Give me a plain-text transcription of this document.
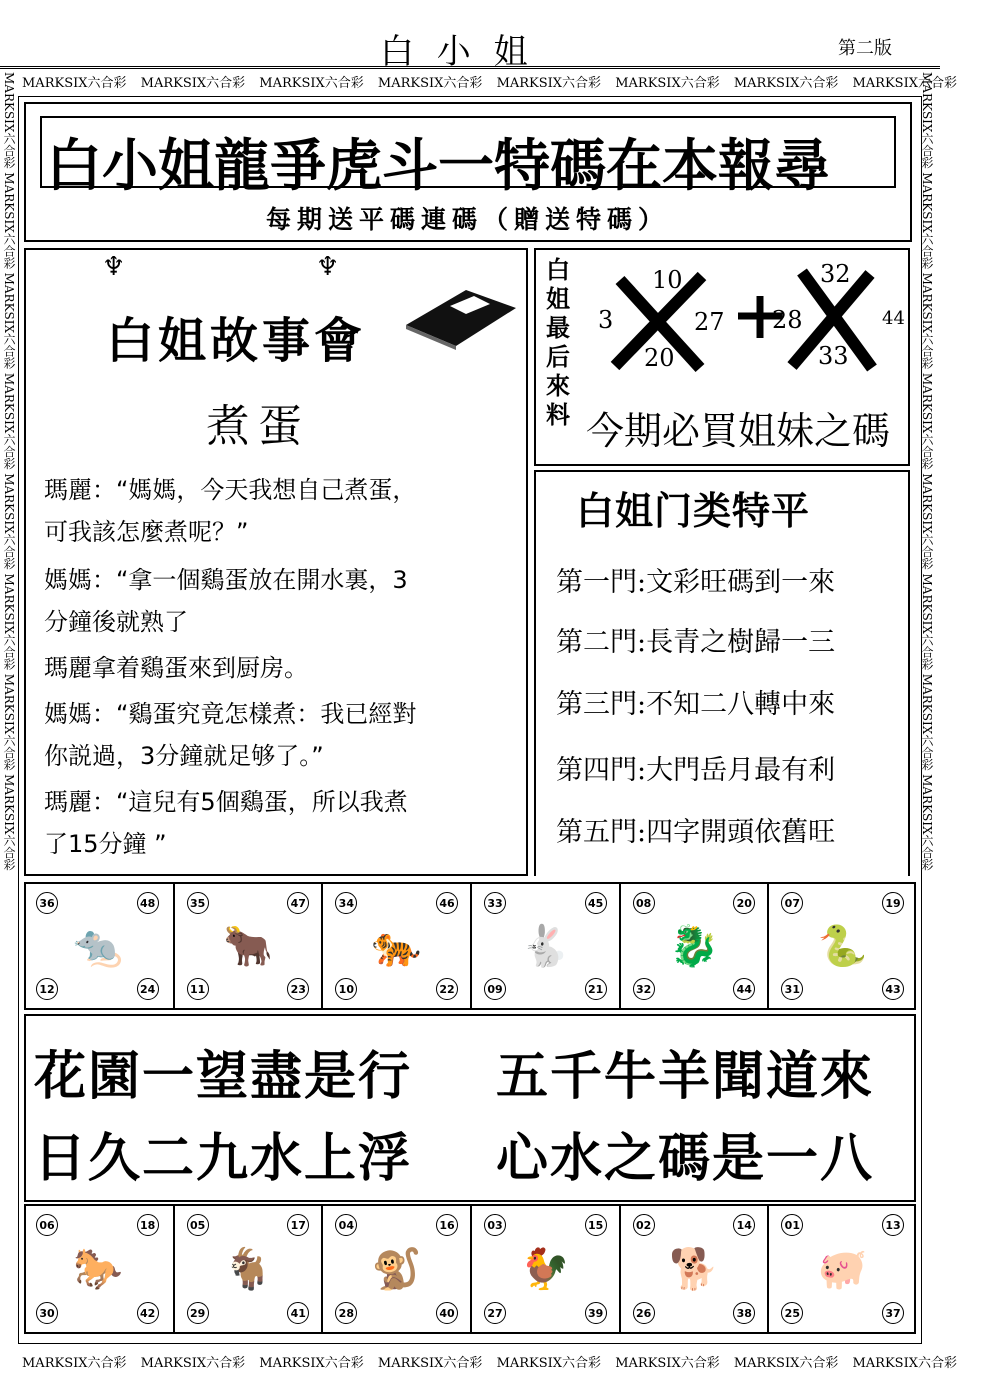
白 小 姐	第二版
MARKSIX六合彩 MARKSIX六合彩 MARKSIX六合彩 MARKSIX六合彩 MARKSIX六合彩 MARKSIX六合彩 MARKSIX六合彩 MARKSIX六合彩
MARKSIX六合彩 MARKSIX六合彩 MARKSIX六合彩 MARKSIX六合彩 MARKSIX六合彩 MARKSIX六合彩 MARKSIX六合彩 MARKSIX六合彩
MARKSIX六合彩 MARKSIX六合彩 MARKSIX六合彩 MARKSIX六合彩 MARKSIX六合彩 MARKSIX六合彩 MARKSIX六合彩 MARKSIX六合彩
MARKSIX六合彩 MARKSIX六合彩 MARKSIX六合彩 MARKSIX六合彩 MARKSIX六合彩 MARKSIX六合彩 MARKSIX六合彩 MARKSIX六合彩
白小姐龍爭虎斗一特碼在本報尋
每期送平碼連碼（贈送特碼）
♆	♆
白姐故事會
煮蛋
瑪麗：“媽媽，今天我想自己煮蛋，
可我該怎麼煮呢？”
媽媽：“拿一個鷄蛋放在開水裏，3
分鐘後就熟了
瑪麗拿着鷄蛋來到厨房。
媽媽：“鷄蛋究竟怎樣煮：我已經對
你説過，3分鐘就足够了。”
瑪麗：“這兒有5個鷄蛋，所以我煮
了15分鐘 ”
白姐最后來料
3
10
20
27 28
32
33
44
今期必買姐妹之碼
白姐门类特平
第一門:文彩旺碼到一來
第二門:長青之樹歸一三
第三門:不知二八轉中來
第四門:大門岳月最有利
第五門:四字開頭依舊旺
🐀
36	48
12	24
🐂
35	47
11	23
🐅
34	46
10	22
🐇
33	45
09	21
🐉
08	20
32	44
🐍
07	19
31	43
花園一望盡是行 五千牛羊聞道來
日久二九水上浮 心水之碼是一八
🐎
06	18
30	42
🐐
05	17
29	41
🐒
04	16
28	40
🐓
03	15
27	39
🐕
02	14
26	38
🐖
01	13
25	37
